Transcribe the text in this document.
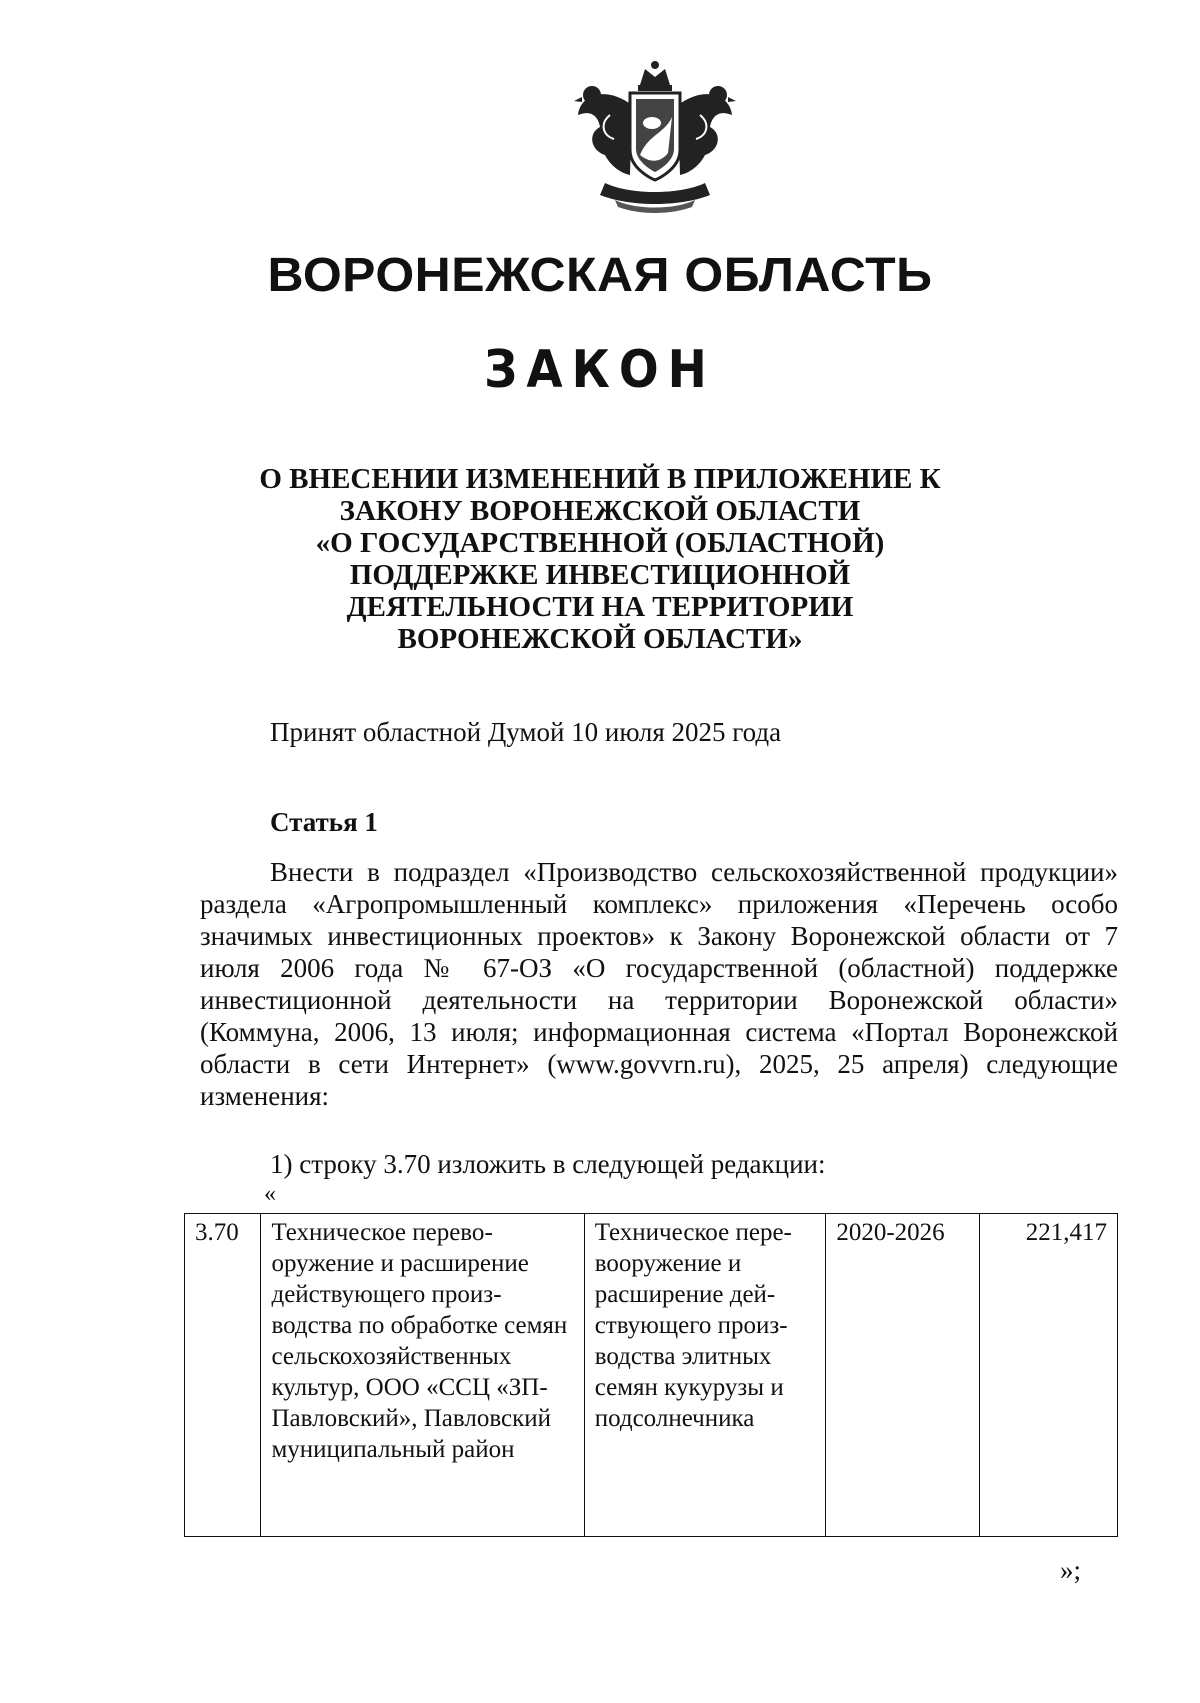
ВОРОНЕЖСКАЯ ОБЛАСТЬ
ЗАКОН
О ВНЕСЕНИИ ИЗМЕНЕНИЙ В ПРИЛОЖЕНИЕ К
ЗАКОНУ ВОРОНЕЖСКОЙ ОБЛАСТИ
«О ГОСУДАРСТВЕННОЙ (ОБЛАСТНОЙ)
ПОДДЕРЖКЕ ИНВЕСТИЦИОННОЙ
ДЕЯТЕЛЬНОСТИ НА ТЕРРИТОРИИ
ВОРОНЕЖСКОЙ ОБЛАСТИ»
Принят областной Думой 10 июля 2025 года
Статья 1
Внести в подраздел «Производство сельскохозяйственной продукции» раздела «Агропромышленный комплекс» приложения «Перечень особо значимых инвестиционных проектов» к Закону Воронежской области от 7 июля 2006 года № 67-ОЗ «О государственной (областной) поддержке инвестиционной деятельности на территории Воронежской области» (Коммуна, 2006, 13 июля; информационная система «Портал Воронежской области в сети Интернет» (www.govvrn.ru), 2025, 25 апреля) следующие изменения:
1) строку 3.70 изложить в следующей редакции:
«
3.70	Техническое перевооружение и расширение действующего производства по обработке семян сельскохозяйственных культур, ООО «ССЦ «ЗП-Павловский», Павловский муниципальный район	Техническое перевооружение и расширение действующего производства элитных семян кукурузы и подсолнечника	2020-2026	221,417
»;
